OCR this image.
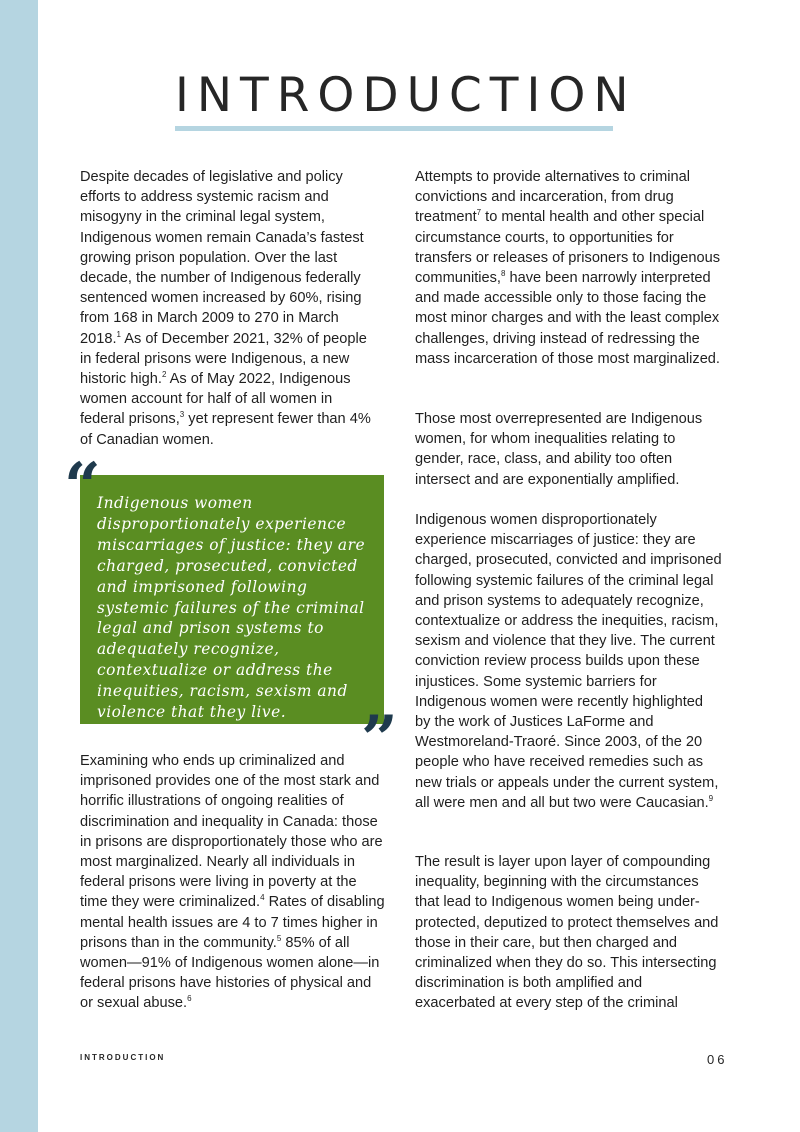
INTRODUCTION

Despite decades of legislative and policy efforts to address systemic racism and misogyny in the criminal legal system, Indigenous women remain Canada’s fastest growing prison population. Over the last decade, the number of Indigenous federally sentenced women increased by 60%, rising from 168 in March 2009 to 270 in March 2018.$^1$ As of December 2021, 32% of people in federal prisons were Indigenous, a new historic high.$^2$ As of May 2022, Indigenous women account for half of all women in federal prisons,$^3$ yet represent fewer than 4% of Canadian women.

“

Indigenous women disproportionately experience miscarriages of justice: they are charged, prosecuted, convicted and imprisoned following systemic failures of the criminal legal and prison systems to adequately recognize, contextualize or address the inequities, racism, sexism and violence that they live.	”

Examining who ends up criminalized and imprisoned provides one of the most stark and horrific illustrations of ongoing realities of discrimination and inequality in Canada: those in prisons are disproportionately those who are most marginalized. Nearly all individuals in federal prisons were living in poverty at the time they were criminalized.$^4$ Rates of disabling mental health issues are 4 to 7 times higher in prisons than in the community.$^5$ 85% of all women—91% of Indigenous women alone—in federal prisons have histories of physical and or sexual abuse.$^6$

Attempts to provide alternatives to criminal convictions and incarceration, from drug treatment$^7$ to mental health and other special circumstance courts, to opportunities for transfers or releases of prisoners to Indigenous communities,$^8$ have been narrowly interpreted and made accessible only to those facing the most minor charges and with the least complex challenges, driving instead of redressing the mass incarceration of those most marginalized.

Those most overrepresented are Indigenous women, for whom inequalities relating to gender, race, class, and ability too often intersect and are exponentially amplified.

Indigenous women disproportionately experience miscarriages of justice: they are charged, prosecuted, convicted and imprisoned following systemic failures of the criminal legal and prison systems to adequately recognize, contextualize or address the inequities, racism, sexism and violence that they live. The current conviction review process builds upon these injustices. Some systemic barriers for Indigenous women were recently highlighted by the work of Justices LaForme and Westmoreland-Traoré. Since 2003, of the 20 people who have received remedies such as new trials or appeals under the current system, all were men and all but two were Caucasian.$^9$

The result is layer upon layer of compounding inequality, beginning with the circumstances that lead to Indigenous women being under-protected, deputized to protect themselves and those in their care, but then charged and criminalized when they do so. This intersecting discrimination is both amplified and exacerbated at every step of the criminal

INTRODUCTION	06
